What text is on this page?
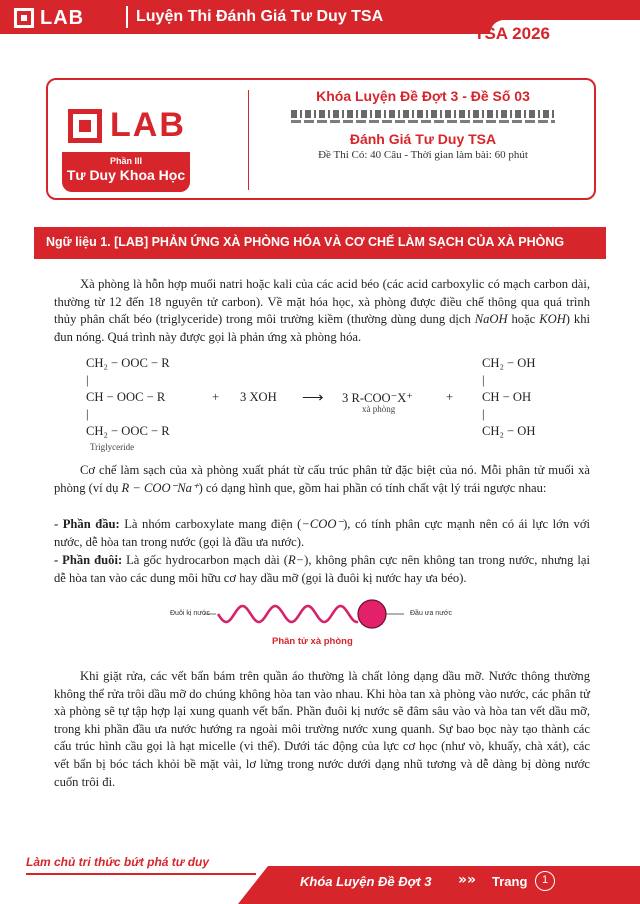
LAB	Luyện Thi Đánh Giá Tư Duy TSA
TSA 2026
LAB
Phần III
Tư Duy Khoa Học
Khóa Luyện Đề Đợt 3 - Đề Số 03
Đánh Giá Tư Duy TSA
Đề Thi Có: 40 Câu - Thời gian làm bài: 60 phút
Ngữ liệu 1. [LAB] PHẢN ỨNG XÀ PHÒNG HÓA VÀ CƠ CHẾ LÀM SẠCH CỦA XÀ PHÒNG
Xà phòng là hỗn hợp muối natri hoặc kali của các acid béo (các acid carboxylic có mạch carbon dài, thường từ 12 đến 18 nguyên tử carbon). Về mặt hóa học, xà phòng được điều chế thông qua quá trình thủy phân chất béo (triglyceride) trong môi trường kiềm (thường dùng dung dịch NaOH hoặc KOH) khi đun nóng. Quá trình này được gọi là phản ứng xà phòng hóa.
CH₂ − OOC − R
|
CH − OOC − R
|
CH₂ − OOC − R
Triglyceride
+ 3 XOH ⟶ 3 R-COO⁻X⁺
xà phòng
+
CH₂ − OH
|
CH − OH
|
CH₂ − OH
Cơ chế làm sạch của xà phòng xuất phát từ cấu trúc phân tử đặc biệt của nó. Mỗi phân tử muối xà phòng (ví dụ R − COO⁻Na⁺) có dạng hình que, gồm hai phần có tính chất vật lý trái ngược nhau:
- Phần đầu: Là nhóm carboxylate mang điện (−COO⁻), có tính phân cực mạnh nên có ái lực lớn với nước, dễ hòa tan trong nước (gọi là đầu ưa nước).
- Phần đuôi: Là gốc hydrocarbon mạch dài (R−), không phân cực nên không tan trong nước, nhưng lại dễ hòa tan vào các dung môi hữu cơ hay dầu mỡ (gọi là đuôi kị nước hay ưa béo).
Đuôi kị nước	Đầu ưa nước
Phân tử xà phòng
Khi giặt rửa, các vết bẩn bám trên quần áo thường là chất lỏng dạng dầu mỡ. Nước thông thường không thể rửa trôi dầu mỡ do chúng không hòa tan vào nhau. Khi hòa tan xà phòng vào nước, các phân tử xà phòng sẽ tự tập hợp lại xung quanh vết bẩn. Phần đuôi kị nước sẽ đâm sâu vào và hòa tan vết dầu mỡ, trong khi phần đầu ưa nước hướng ra ngoài môi trường nước xung quanh. Sự bao bọc này tạo thành các cấu trúc hình cầu gọi là hạt micelle (vi thể). Dưới tác động của lực cơ học (như vò, khuấy, chà xát), các vết bẩn bị bóc tách khỏi bề mặt vải, lơ lửng trong nước dưới dạng nhũ tương và dễ dàng bị dòng nước cuốn trôi đi.
Làm chủ tri thức bứt phá tư duy
Khóa Luyện Đề Đợt 3 »» Trang	1
